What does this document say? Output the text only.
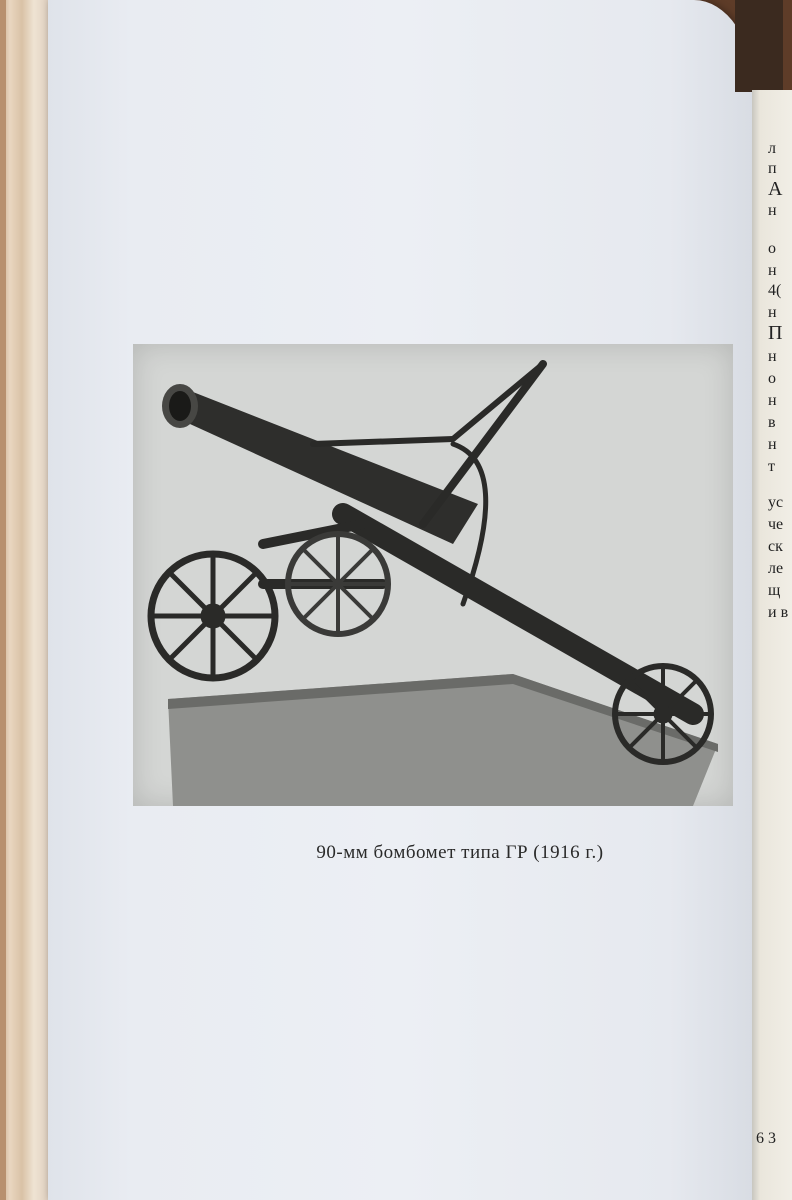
90-мм бомбомет типа ГР (1916 г.)
л
п
А
н
о
н
4(
н
П
н
о
н
в
н
т
ус
че
ск
ле
щ
и в
6 3
